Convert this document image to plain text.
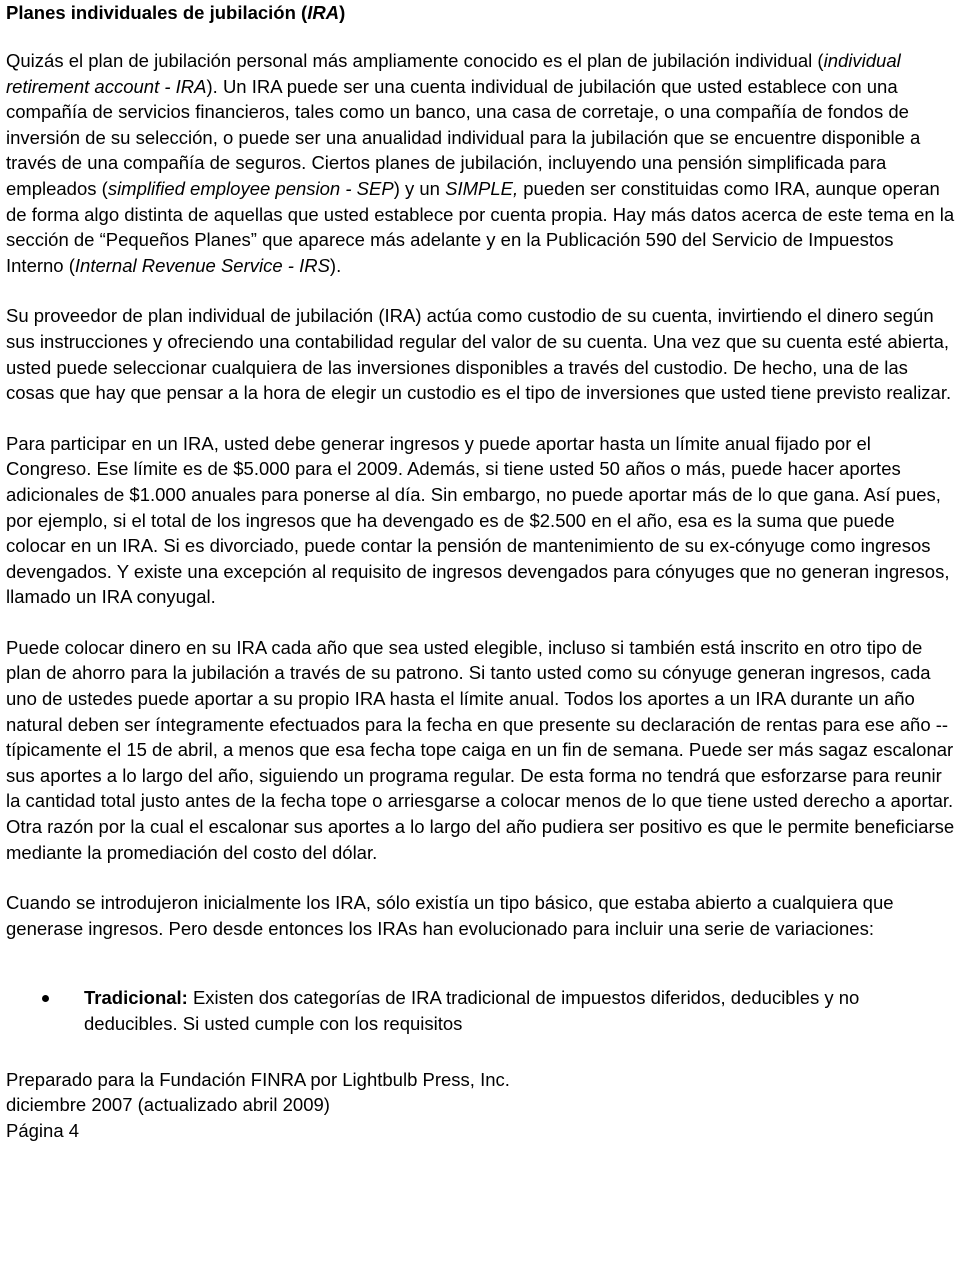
Planes individuales de jubilación (IRA)

Quizás el plan de jubilación personal más ampliamente conocido es el plan de jubilación individual (individual retirement account - IRA). Un IRA puede ser una cuenta individual de jubilación que usted establece con una compañía de servicios financieros, tales como un banco, una casa de corretaje, o una compañía de fondos de inversión de su selección, o puede ser una anualidad individual para la jubilación que se encuentre disponible a través de una compañía de seguros. Ciertos planes de jubilación, incluyendo una pensión simplificada para empleados (simplified employee pension - SEP) y un SIMPLE, pueden ser constituidas como IRA, aunque operan de forma algo distinta de aquellas que usted establece por cuenta propia. Hay más datos acerca de este tema en la sección de “Pequeños Planes” que aparece más adelante y en la Publicación 590 del Servicio de Impuestos Interno (Internal Revenue Service - IRS).

Su proveedor de plan individual de jubilación (IRA) actúa como custodio de su cuenta, invirtiendo el dinero según sus instrucciones y ofreciendo una contabilidad regular del valor de su cuenta. Una vez que su cuenta esté abierta, usted puede seleccionar cualquiera de las inversiones disponibles a través del custodio. De hecho, una de las cosas que hay que pensar a la hora de elegir un custodio es el tipo de inversiones que usted tiene previsto realizar.

Para participar en un IRA, usted debe generar ingresos y puede aportar hasta un límite anual fijado por el Congreso. Ese límite es de $5.000 para el 2009. Además, si tiene usted 50 años o más, puede hacer aportes adicionales de $1.000 anuales para ponerse al día. Sin embargo, no puede aportar más de lo que gana. Así pues, por ejemplo, si el total de los ingresos que ha devengado es de $2.500 en el año, esa es la suma que puede colocar en un IRA. Si es divorciado, puede contar la pensión de mantenimiento de su ex-cónyuge como ingresos devengados. Y existe una excepción al requisito de ingresos devengados para cónyuges que no generan ingresos, llamado un IRA conyugal.

Puede colocar dinero en su IRA cada año que sea usted elegible, incluso si también está inscrito en otro tipo de plan de ahorro para la jubilación a través de su patrono. Si tanto usted como su cónyuge generan ingresos, cada uno de ustedes puede aportar a su propio IRA hasta el límite anual. Todos los aportes a un IRA durante un año natural deben ser íntegramente efectuados para la fecha en que presente su declaración de rentas para ese año -- típicamente el 15 de abril, a menos que esa fecha tope caiga en un fin de semana. Puede ser más sagaz escalonar sus aportes a lo largo del año, siguiendo un programa regular. De esta forma no tendrá que esforzarse para reunir la cantidad total justo antes de la fecha tope o arriesgarse a colocar menos de lo que tiene usted derecho a aportar. Otra razón por la cual el escalonar sus aportes a lo largo del año pudiera ser positivo es que le permite beneficiarse mediante la promediación del costo del dólar.

Cuando se introdujeron inicialmente los IRA, sólo existía un tipo básico, que estaba abierto a cualquiera que generase ingresos. Pero desde entonces los IRAs han evolucionado para incluir una serie de variaciones:

Tradicional: Existen dos categorías de IRA tradicional de impuestos diferidos, deducibles y no deducibles. Si usted cumple con los requisitos
Preparado para la Fundación FINRA por Lightbulb Press, Inc.
diciembre 2007 (actualizado abril 2009)
Página 4
